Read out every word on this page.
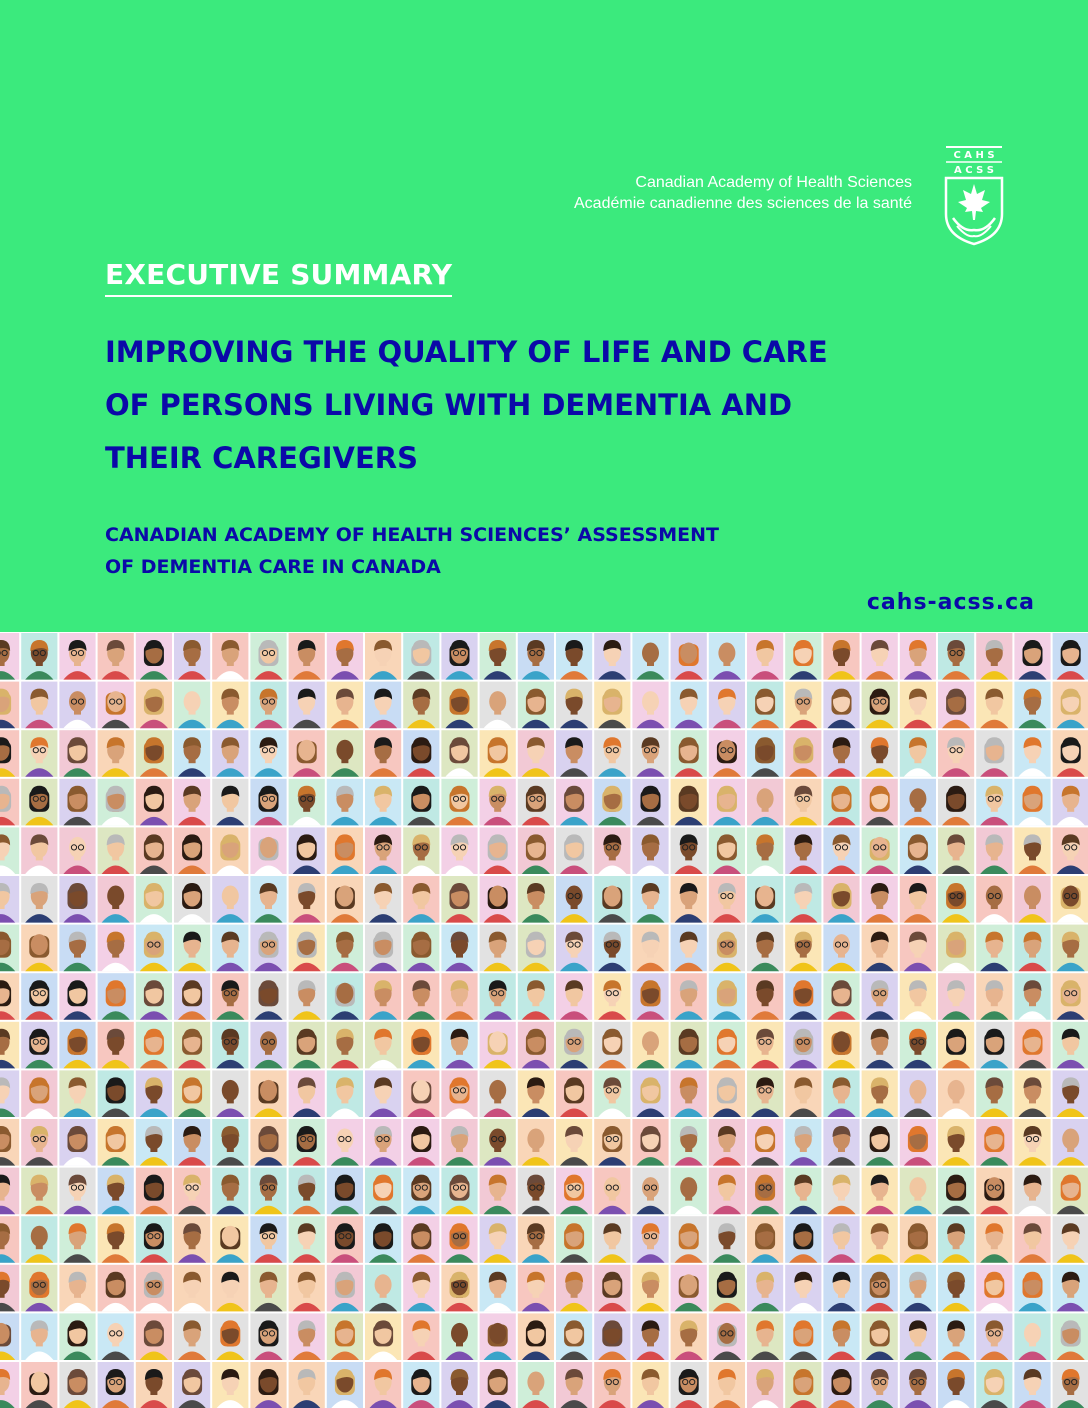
Canadian Academy of Health Sciences
Académie canadienne des sciences de la santé
C A H S
A C S S
EXECUTIVE SUMMARY
IMPROVING THE QUALITY OF LIFE AND CARE
OF PERSONS LIVING WITH DEMENTIA AND
THEIR CAREGIVERS
CANADIAN ACADEMY OF HEALTH SCIENCES’ ASSESSMENT
OF DEMENTIA CARE IN CANADA
cahs-acss.ca
